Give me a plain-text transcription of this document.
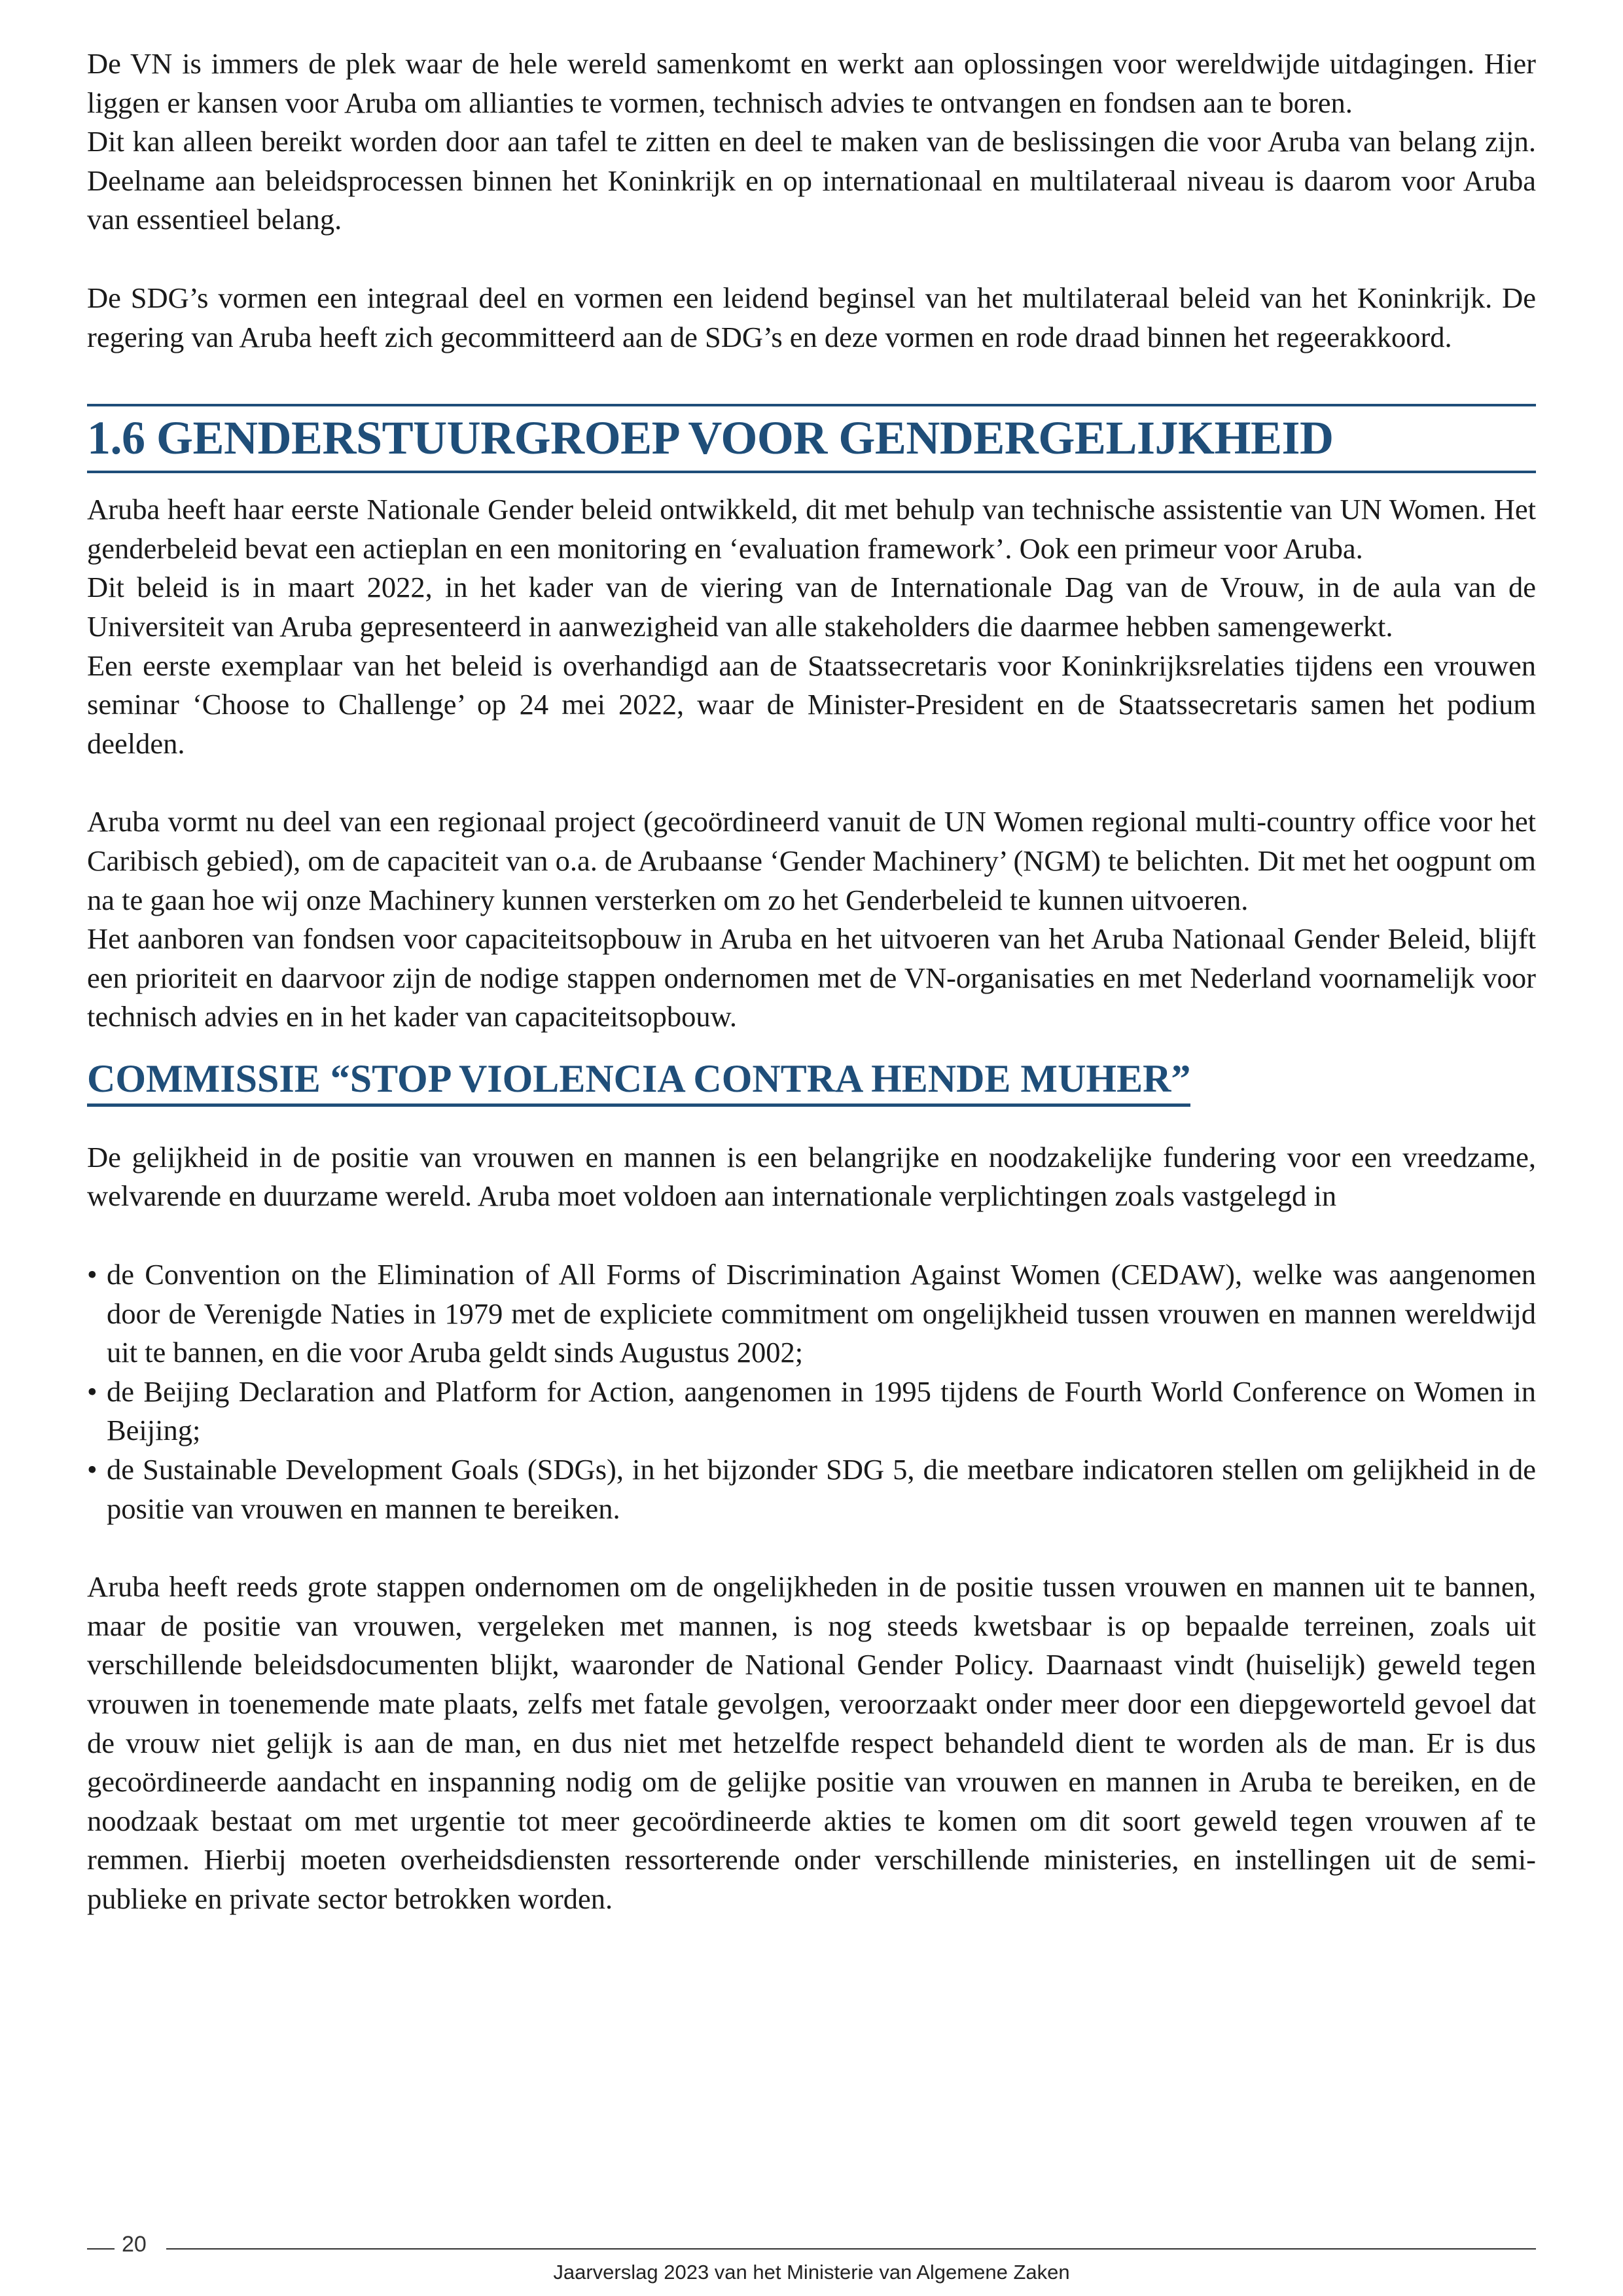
De VN is immers de plek waar de hele wereld samenkomt en werkt aan oplossingen voor wereldwijde uitdagingen. Hier liggen er kansen voor Aruba om allianties te vormen, technisch advies te ontvangen en fondsen aan te boren.

Dit kan alleen bereikt worden door aan tafel te zitten en deel te maken van de beslissingen die voor Aruba van belang zijn. Deelname aan beleidsprocessen binnen het Koninkrijk en op internationaal en multilateraal niveau is daarom voor Aruba van essentieel belang.

De SDG’s vormen een integraal deel en vormen een leidend beginsel van het multilateraal beleid van het Koninkrijk. De regering van Aruba heeft zich gecommitteerd aan de SDG’s en deze vormen en rode draad binnen het regeerakkoord.

1.6 GENDERSTUURGROEP VOOR GENDERGELIJKHEID

Aruba heeft haar eerste Nationale Gender beleid ontwikkeld, dit met behulp van technische assistentie van UN Women. Het genderbeleid bevat een actieplan en een monitoring en ‘evaluation framework’. Ook een primeur voor Aruba.

Dit beleid is in maart 2022, in het kader van de viering van de Internationale Dag van de Vrouw, in de aula van de Universiteit van Aruba gepresenteerd in aanwezigheid van alle stakeholders die daarmee hebben samengewerkt.

Een eerste exemplaar van het beleid is overhandigd aan de Staatssecretaris voor Koninkrijksrelaties tijdens een vrouwen seminar ‘Choose to Challenge’ op 24 mei 2022, waar de Minister-President en de Staatssecretaris samen het podium deelden.

Aruba vormt nu deel van een regionaal project (gecoördineerd vanuit de UN Women regional multi-country office voor het Caribisch gebied), om de capaciteit van o.a. de Arubaanse ‘Gender Machinery’ (NGM) te belichten. Dit met het oogpunt om na te gaan hoe wij onze Machinery kunnen versterken om zo het Genderbeleid te kunnen uitvoeren.

Het aanboren van fondsen voor capaciteitsopbouw in Aruba en het uitvoeren van het Aruba Nationaal Gender Beleid, blijft een prioriteit en daarvoor zijn de nodige stappen ondernomen met de VN-organisaties en met Nederland voornamelijk voor technisch advies en in het kader van capaciteitsopbouw.

COMMISSIE “STOP VIOLENCIA CONTRA HENDE MUHER”

De gelijkheid in de positie van vrouwen en mannen is een belangrijke en noodzakelijke fundering voor een vreedzame, welvarende en duurzame wereld. Aruba moet voldoen aan internationale verplichtingen zoals vastgelegd in

• de Convention on the Elimination of All Forms of Discrimination Against Women (CEDAW), welke was aangenomen door de Verenigde Naties in 1979 met de expliciete commitment om ongelijkheid tussen vrouwen en mannen wereldwijd uit te bannen, en die voor Aruba geldt sinds Augustus 2002;
• de Beijing Declaration and Platform for Action, aangenomen in 1995 tijdens de Fourth World Conference on Women in Beijing;
• de Sustainable Development Goals (SDGs), in het bijzonder SDG 5, die meetbare indicatoren stellen om gelijkheid in de positie van vrouwen en mannen te bereiken.

Aruba heeft reeds grote stappen ondernomen om de ongelijkheden in de positie tussen vrouwen en mannen uit te bannen, maar de positie van vrouwen, vergeleken met mannen, is nog steeds kwetsbaar is op bepaalde terreinen, zoals uit verschillende beleidsdocumenten blijkt, waaronder de National Gender Policy. Daarnaast vindt (huiselijk) geweld tegen vrouwen in toenemende mate plaats, zelfs met fatale gevolgen, veroorzaakt onder meer door een diepgeworteld gevoel dat de vrouw niet gelijk is aan de man, en dus niet met hetzelfde respect behandeld dient te worden als de man. Er is dus gecoördineerde aandacht en inspanning nodig om de gelijke positie van vrouwen en mannen in Aruba te bereiken, en de noodzaak bestaat om met urgentie tot meer gecoördineerde akties te komen om dit soort geweld tegen vrouwen af te remmen. Hierbij moeten overheidsdiensten ressorterende onder verschillende ministeries, en instellingen uit de semi-publieke en private sector betrokken worden.

20
Jaarverslag 2023 van het Ministerie van Algemene Zaken
